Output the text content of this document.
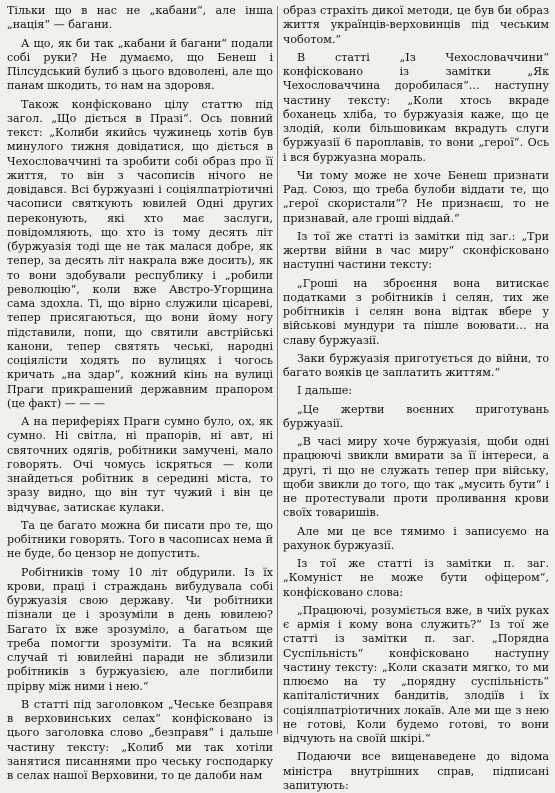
Тільки що в нас не „кабани“, але інша „нація“ — багани.

А що, як би так „кабани й багани“ подали собі руки? Не думаємо, що Бенеш і Пілсудський булиб з цього вдоволені, але що панам шкодить, то нам на здоровя.

Також конфісковано цілу статтю під загол. „Що діється в Празі“. Ось повний текст: „Колиби якийсь чужинець хотів був минулого тижня довідатися, що діється в Чехословаччині та зробити собі образ про її життя, то він з часописів нічого не довідався. Всі буржуазні і соціялпатріотичні часописи святкують ювилей Одні других переконують, які хто має заслуги, повідомляють, що хто із тому десять літ (буржуазія тоді ще не так малася добре, як тепер, за десять літ накрала вже досить), як то вони здобували республику і „робили революцію“, коли вже Австро-Угорщина сама здохла. Ті, що вірно служили цісареві, тепер присягаються, що вони йому ногу підставили, попи, що святили австрійські канони, тепер святять чеські, народні соціялісти ходять по вулицях і чогось кричать „на здар“, кожний кінь на вулиці Праги прикрашений державним прапором (це факт) — — —

А на периферіях Праги сумно було, ох, як сумно. Ні світла, ні прапорів, ні авт, ні святочних одягів, робітники замучені, мало говорять. Очі чомусь іскряться — коли знайдеться робітник в середині міста, то зразу видно, що він тут чужий і він це відчуває, затискає кулаки.

Та це багато можна би писати про те, що робітники говорять. Того в часописах нема й не буде, бо цензор не допустить.

Робітників тому 10 літ обдурили. Із їх крови, праці і страждань вибудувала собі буржуазія свою державу. Чи робітники пізнали це і зрозуміли в день ювилею? Багато їх вже зрозуміло, а багатьом ще треба помогти зрозуміти. Та на всякий случай ті ювилейні паради не зблизили робітників з буржуазією, але поглибили прірву між ними і нею.“

В статті під заголовком „Чеське безправя в верховинських селах“ конфісковано із цього заголовка слово „безправя“ і дальше частину тексту: „Колиб ми так хотіли занятися писаннями про чеську господарку в селах нашої Верховини, то це далоби нам

образ страхіть дикої методи, це був би образ життя українців-верховинців під чеським чоботом.“

В статті „Із Чехословаччини“ конфісковано із замітки „Як Чехословаччина доробилася“… наступну частину тексту: „Коли хтось вкраде боханець хліба, то буржуазія каже, що це злодій, коли більшовикам вкрадуть слуги буржуазії 6 пароплавів, то вони „герої“. Ось і вся буржуазна мораль.

Чи тому може не хоче Бенеш признати Рад. Союз, що треба булоби віддати те, що „герої скористали“? Не признаєш, то не признавай, але гроші віддай.“

Із тої же статті із замітки під заг.: „Три жертви війни в час миру“ сконфісковано наступні частини тексту:

„Гроші на зброєння вона витискає податками з робітників і селян, тих же робітників і селян вона відтак вбере у військові мундури та пішле воювати… на славу буржуазії.

Заки буржуазія приготується до війни, то багато вояків це заплатить життям.“

І дальше:

„Це жертви воєнних приготувань буржуазії.

„В часі миру хоче буржуазія, щоби одні працюючі звикли вмирати за її інтереси, а другі, ті що не служать тепер при війську, щоби звикли до того, що так „мусить бути“ і не протестували проти проливання крови своїх товаришів.

Але ми це все тямимо і записуємо на рахунок буржуазії.

Із тої же статті із замітки п. заг. „Комуніст не може бути офіцером“, конфісковано слова:

„Працюючі, розуміється вже, в чиїх руках є армія і кому вона служить?“ Із тої же статті із замітки п. заг. „Порядна Суспільність“ конфісковано наступну частину тексту: „Коли сказати мягко, то ми плюємо на ту „порядну суспільність“ капіталістичних бандитів, злодіїв і їх соціялпатріотичних локаїв. Але ми ще з нею не готові, Коли будемо готові, то вони відчують на своїй шкірі.“

Подаючи все вищенаведене до відома міністра внутрішних справ, підписані запитують:
